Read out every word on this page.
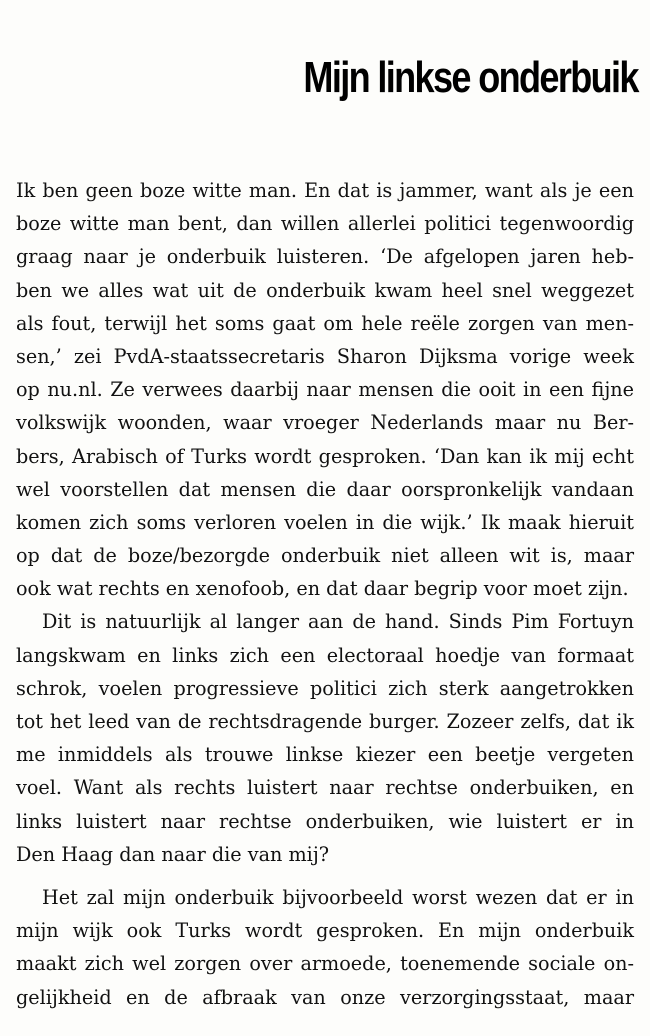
Mijn linkse onderbuik
Ik ben geen boze witte man. En dat is jammer, want als je een
boze witte man bent, dan willen allerlei politici tegenwoordig
graag naar je onderbuik luisteren. ‘De afgelopen jaren heb-
ben we alles wat uit de onderbuik kwam heel snel weggezet
als fout, terwijl het soms gaat om hele reële zorgen van men-
sen,’ zei PvdA-staatssecretaris Sharon Dijksma vorige week
op nu.nl. Ze verwees daarbij naar mensen die ooit in een fijne
volkswijk woonden, waar vroeger Nederlands maar nu Ber-
bers, Arabisch of Turks wordt gesproken. ‘Dan kan ik mij echt
wel voorstellen dat mensen die daar oorspronkelijk vandaan
komen zich soms verloren voelen in die wijk.’ Ik maak hieruit
op dat de boze/bezorgde onderbuik niet alleen wit is, maar
ook wat rechts en xenofoob, en dat daar begrip voor moet zijn.
Dit is natuurlijk al langer aan de hand. Sinds Pim Fortuyn
langskwam en links zich een electoraal hoedje van formaat
schrok, voelen progressieve politici zich sterk aangetrokken
tot het leed van de rechtsdragende burger. Zozeer zelfs, dat ik
me inmiddels als trouwe linkse kiezer een beetje vergeten
voel. Want als rechts luistert naar rechtse onderbuiken, en
links luistert naar rechtse onderbuiken, wie luistert er in
Den Haag dan naar die van mij?
Het zal mijn onderbuik bijvoorbeeld worst wezen dat er in
mijn wijk ook Turks wordt gesproken. En mijn onderbuik
maakt zich wel zorgen over armoede, toenemende sociale on-
gelijkheid en de afbraak van onze verzorgingsstaat, maar
